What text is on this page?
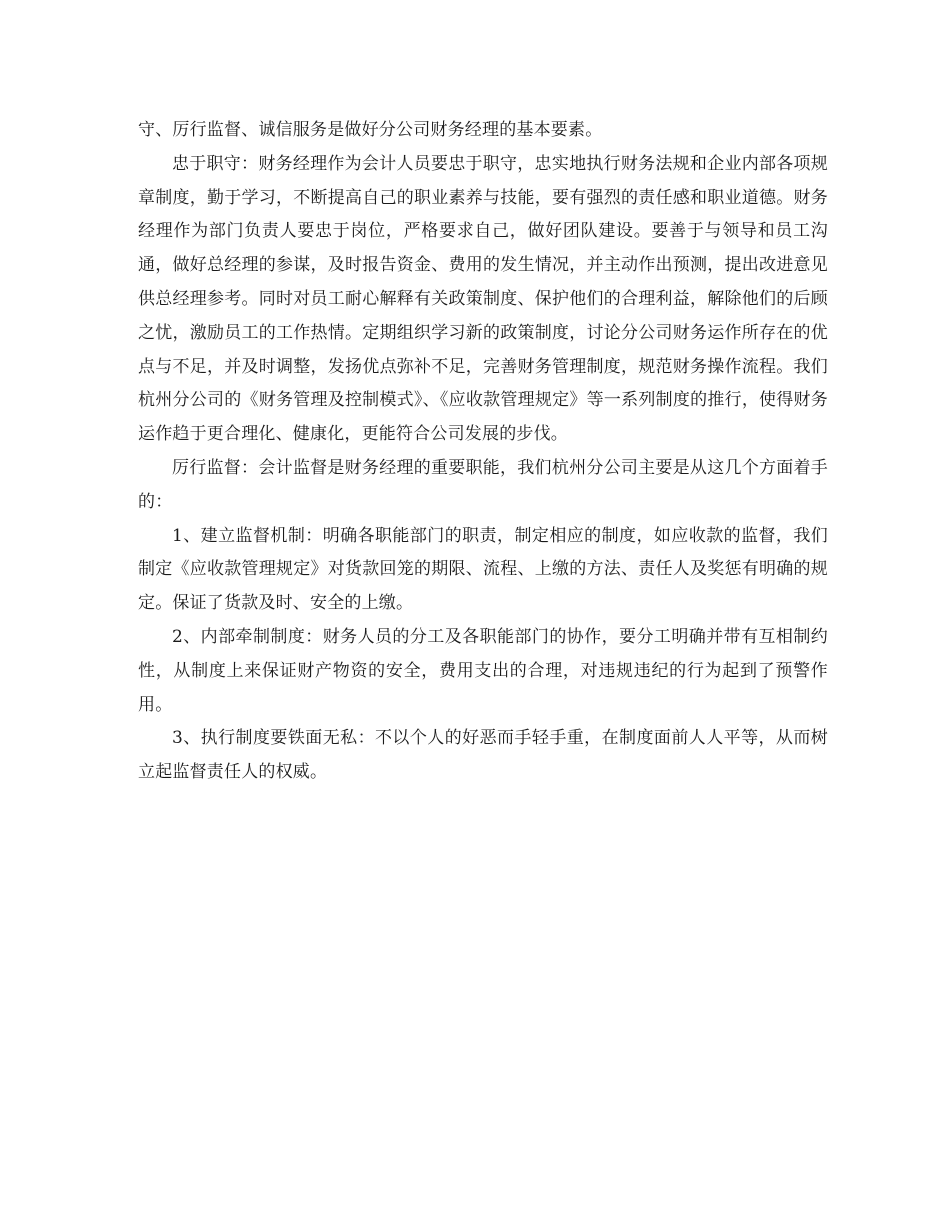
守、厉行监督、诚信服务是做好分公司财务经理的基本要素。

忠于职守：财务经理作为会计人员要忠于职守，忠实地执行财务法规和企业内部各项规章制度，勤于学习，不断提高自己的职业素养与技能，要有强烈的责任感和职业道德。财务经理作为部门负责人要忠于岗位，严格要求自己，做好团队建设。要善于与领导和员工沟通，做好总经理的参谋，及时报告资金、费用的发生情况，并主动作出预测，提出改进意见供总经理参考。同时对员工耐心解释有关政策制度、保护他们的合理利益，解除他们的后顾之忧，激励员工的工作热情。定期组织学习新的政策制度，讨论分公司财务运作所存在的优点与不足，并及时调整，发扬优点弥补不足，完善财务管理制度，规范财务操作流程。我们杭州分公司的《财务管理及控制模式》、《应收款管理规定》等一系列制度的推行，使得财务运作趋于更合理化、健康化，更能符合公司发展的步伐。

厉行监督：会计监督是财务经理的重要职能，我们杭州分公司主要是从这几个方面着手的：

1、建立监督机制：明确各职能部门的职责，制定相应的制度，如应收款的监督，我们制定《应收款管理规定》对货款回笼的期限、流程、上缴的方法、责任人及奖惩有明确的规定。保证了货款及时、安全的上缴。

2、内部牵制制度：财务人员的分工及各职能部门的协作，要分工明确并带有互相制约性，从制度上来保证财产物资的安全，费用支出的合理，对违规违纪的行为起到了预警作用。

3、执行制度要铁面无私：不以个人的好恶而手轻手重，在制度面前人人平等，从而树立起监督责任人的权威。
